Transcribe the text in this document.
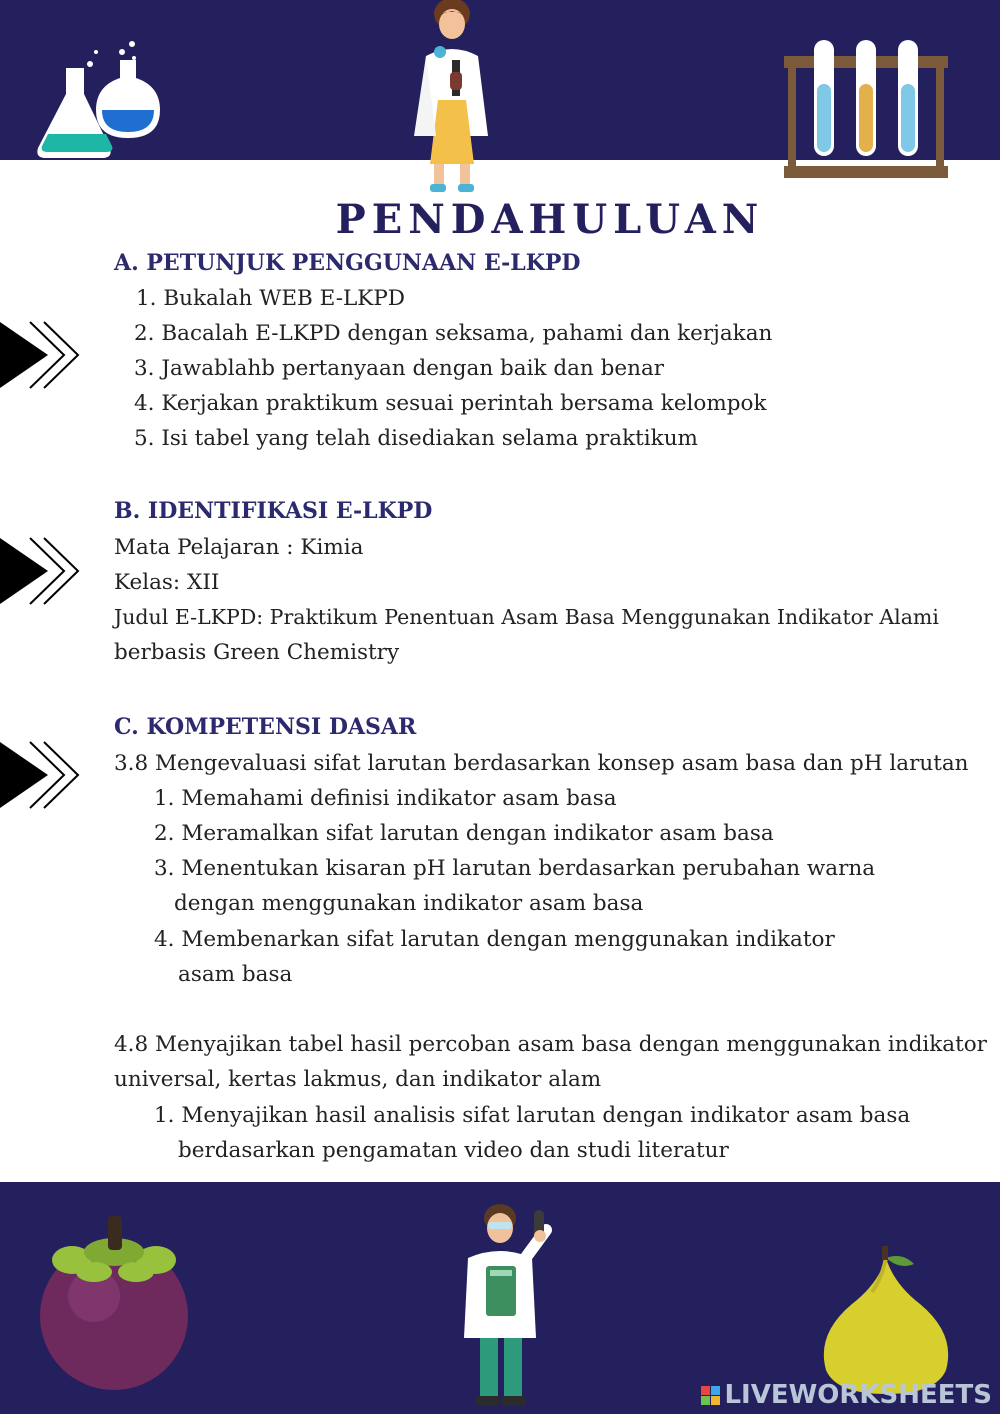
PENDAHULUAN
A. PETUNJUK PENGGUNAAN E-LKPD
1. Bukalah WEB E-LKPD
2. Bacalah E-LKPD dengan seksama, pahami dan kerjakan
3. Jawablahb pertanyaan dengan baik dan benar
4. Kerjakan praktikum sesuai perintah bersama kelompok
5. Isi tabel yang telah disediakan selama praktikum
B. IDENTIFIKASI E-LKPD
Mata Pelajaran : Kimia
Kelas: XII
Judul E-LKPD: Praktikum Penentuan Asam Basa Menggunakan Indikator Alami
berbasis Green Chemistry
C. KOMPETENSI DASAR
3.8 Mengevaluasi sifat larutan berdasarkan konsep asam basa dan pH larutan
1. Memahami definisi indikator asam basa
2. Meramalkan sifat larutan dengan indikator asam basa
3. Menentukan kisaran pH larutan berdasarkan perubahan warna
dengan menggunakan indikator asam basa
4. Membenarkan sifat larutan dengan menggunakan indikator
asam basa
4.8 Menyajikan tabel hasil percoban asam basa dengan menggunakan indikator
universal, kertas lakmus, dan indikator alam
1. Menyajikan hasil analisis sifat larutan dengan indikator asam basa
berdasarkan pengamatan video dan studi literatur
LIVEWORKSHEETS
